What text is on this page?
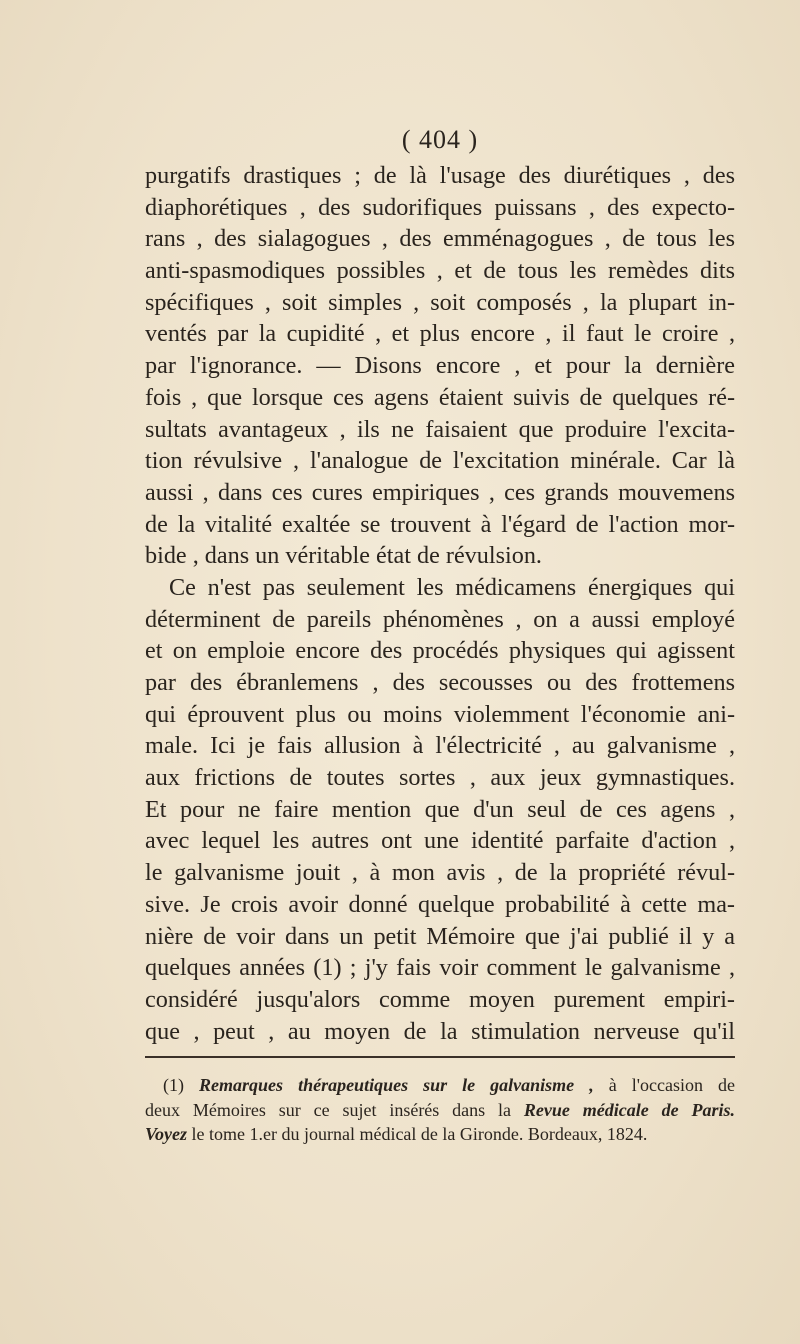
( 404 )
purgatifs drastiques ; de là l'usage des diurétiques , des
diaphorétiques , des sudorifiques puissans , des expecto-
rans , des sialagogues , des emménagogues , de tous les
anti-spasmodiques possibles , et de tous les remèdes dits
spécifiques , soit simples , soit composés , la plupart in-
ventés par la cupidité , et plus encore , il faut le croire ,
par l'ignorance. — Disons encore , et pour la dernière
fois , que lorsque ces agens étaient suivis de quelques ré-
sultats avantageux , ils ne faisaient que produire l'excita-
tion révulsive , l'analogue de l'excitation minérale. Car là
aussi , dans ces cures empiriques , ces grands mouvemens
de la vitalité exaltée se trouvent à l'égard de l'action mor-
bide , dans un véritable état de révulsion.
Ce n'est pas seulement les médicamens énergiques qui
déterminent de pareils phénomènes , on a aussi employé
et on emploie encore des procédés physiques qui agissent
par des ébranlemens , des secousses ou des frottemens
qui éprouvent plus ou moins violemment l'économie ani-
male. Ici je fais allusion à l'électricité , au galvanisme ,
aux frictions de toutes sortes , aux jeux gymnastiques.
Et pour ne faire mention que d'un seul de ces agens ,
avec lequel les autres ont une identité parfaite d'action ,
le galvanisme jouit , à mon avis , de la propriété révul-
sive. Je crois avoir donné quelque probabilité à cette ma-
nière de voir dans un petit Mémoire que j'ai publié il y a
quelques années (1) ; j'y fais voir comment le galvanisme ,
considéré jusqu'alors comme moyen purement empiri-
que , peut , au moyen de la stimulation nerveuse qu'il
(1) Remarques thérapeutiques sur le galvanisme , à l'occasion de
deux Mémoires sur ce sujet insérés dans la Revue médicale de Paris.
Voyez le tome 1.er du journal médical de la Gironde. Bordeaux, 1824.
